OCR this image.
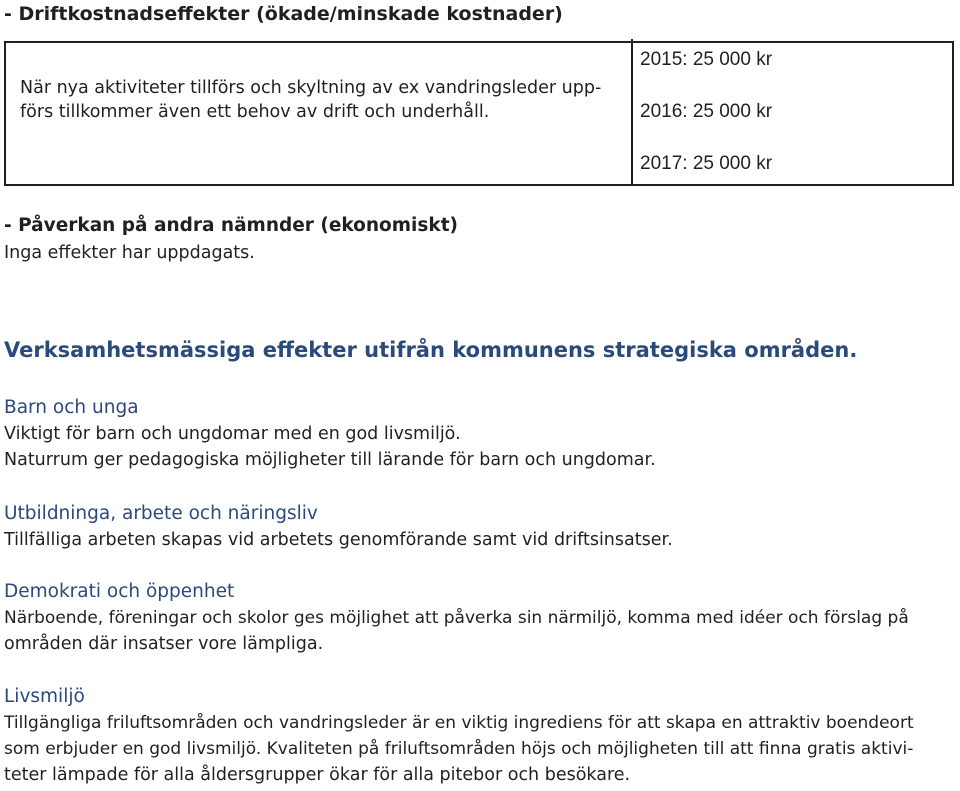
- Driftkostnadseffekter (ökade/minskade kostnader)
När nya aktiviteter tillförs och skyltning av ex vandringsleder upp-
förs tillkommer även ett behov av drift och underhåll.
2015: 25 000 kr
2016: 25 000 kr
2017: 25 000 kr
- Påverkan på andra nämnder (ekonomiskt)
Inga effekter har uppdagats.
Verksamhetsmässiga effekter utifrån kommunens strategiska områden.
Barn och unga
Viktigt för barn och ungdomar med en god livsmiljö.
Naturrum ger pedagogiska möjligheter till lärande för barn och ungdomar.
Utbildninga, arbete och näringsliv
Tillfälliga arbeten skapas vid arbetets genomförande samt vid driftsinsatser.
Demokrati och öppenhet
Närboende, föreningar och skolor ges möjlighet att påverka sin närmiljö, komma med idéer och förslag på
områden där insatser vore lämpliga.
Livsmiljö
Tillgängliga friluftsområden och vandringsleder är en viktig ingrediens för att skapa en attraktiv boendeort
som erbjuder en god livsmiljö. Kvaliteten på friluftsområden höjs och möjligheten till att finna gratis aktivi-
teter lämpade för alla åldersgrupper ökar för alla pitebor och besökare.
